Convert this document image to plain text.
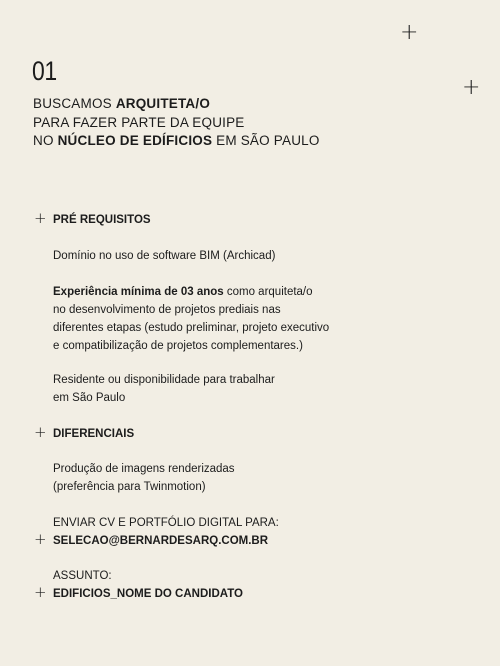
+
+
01
BUSCAMOS ARQUITETA/O
PARA FAZER PARTE DA EQUIPE
NO NÚCLEO DE EDÍFICIOS EM SÃO PAULO
+ PRÉ REQUISITOS
Domínio no uso de software BIM (Archicad)
Experiência mínima de 03 anos como arquiteta/o
no desenvolvimento de projetos prediais nas
diferentes etapas (estudo preliminar, projeto executivo
e compatibilização de projetos complementares.)
Residente ou disponibilidade para trabalhar
em São Paulo
+ DIFERENCIAIS
Produção de imagens renderizadas
(preferência para Twinmotion)
ENVIAR CV E PORTFÓLIO DIGITAL PARA:
+ SELECAO@BERNARDESARQ.COM.BR
ASSUNTO:
+ EDIFICIOS_NOME DO CANDIDATO
